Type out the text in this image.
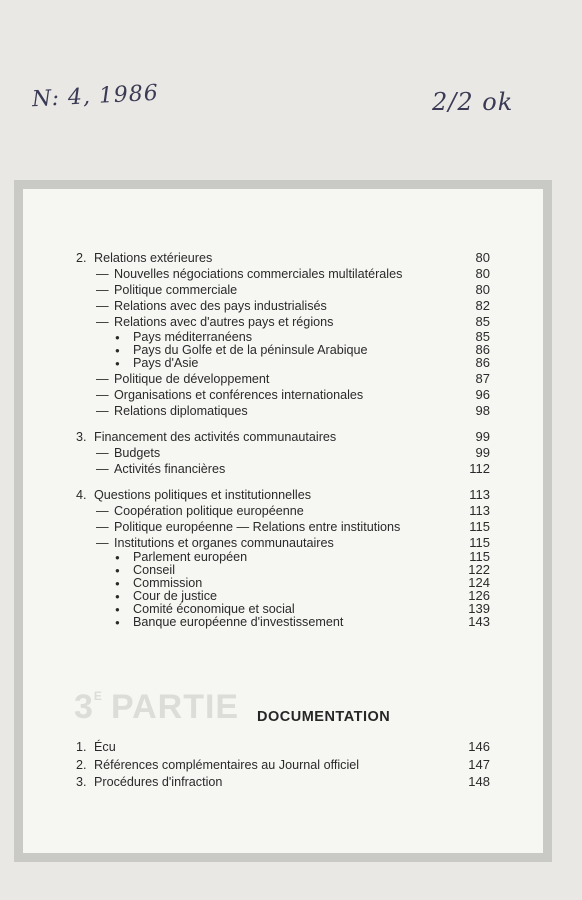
N: 4, 1986	2/2 ok
2. Relations extérieures	80
— Nouvelles négociations commerciales multilatérales	80
— Politique commerciale	80
— Relations avec des pays industrialisés	82
— Relations avec d'autres pays et régions	85
● Pays méditerranéens	85
● Pays du Golfe et de la péninsule Arabique	86
● Pays d'Asie	86
— Politique de développement	87
— Organisations et conférences internationales	96
— Relations diplomatiques	98
3. Financement des activités communautaires	99
— Budgets	99
— Activités financières	112
4. Questions politiques et institutionnelles	113
— Coopération politique européenne	113
— Politique européenne — Relations entre institutions	115
— Institutions et organes communautaires	115
● Parlement européen	115
● Conseil	122
● Commission	124
● Cour de justice	126
● Comité économique et social	139
● Banque européenne d'investissement	143
$3^E$ PARTIE DOCUMENTATION
1. Écu	146
2. Références complémentaires au Journal officiel	147
3. Procédures d'infraction	148
